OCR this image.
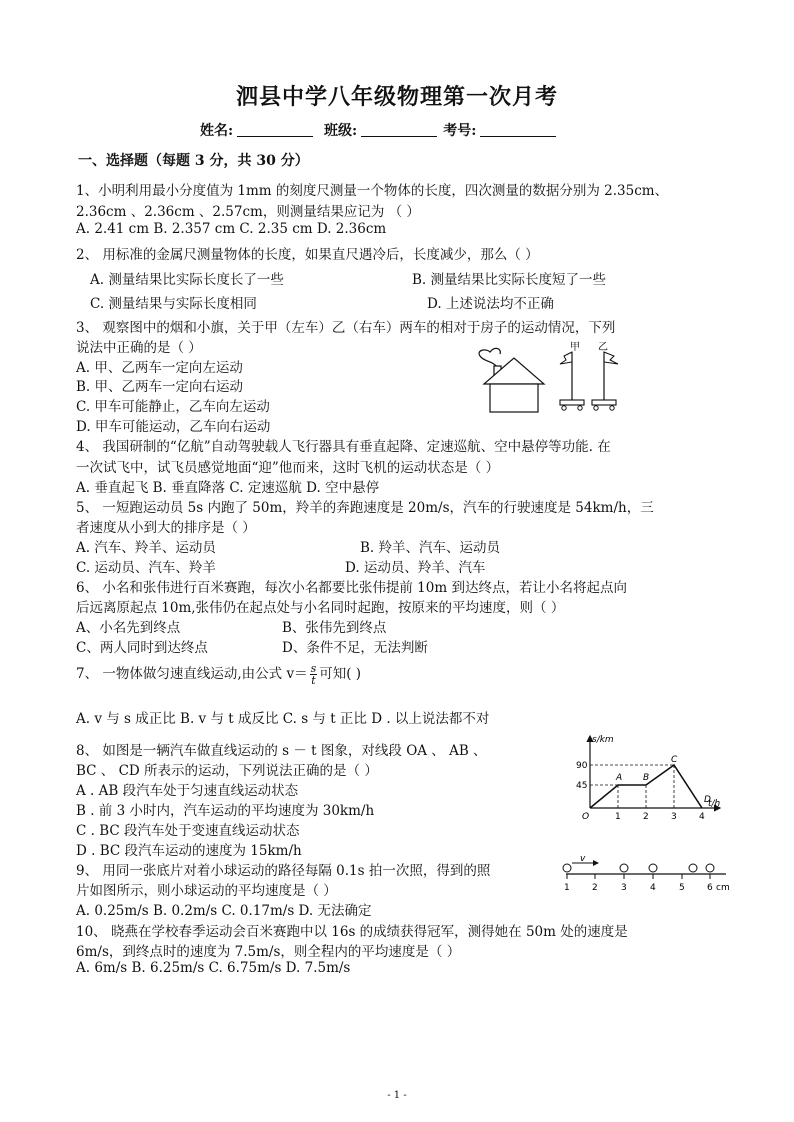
泗县中学八年级物理第一次月考
姓名:	班级:	考号:
一、选择题（每题 3 分，共 30 分）
1、小明利用最小分度值为 1mm 的刻度尺测量一个物体的长度，四次测量的数据分别为 2.35cm、
2.36cm 、2.36cm 、2.57cm，则测量结果应记为 （ ）
A. 2.41 cm B. 2.357 cm C. 2.35 cm D. 2.36cm
2、 用标准的金属尺测量物体的长度，如果直尺遇冷后，长度减少，那么（ ）
A. 测量结果比实际长度长了一些	B. 测量结果比实际长度短了一些
C. 测量结果与实际长度相同	D. 上述说法均不正确
3、 观察图中的烟和小旗，关于甲（左车）乙（右车）两车的相对于房子的运动情况，下列
说法中正确的是（ ）
A. 甲、乙两车一定向左运动
B. 甲、乙两车一定向右运动
C. 甲车可能静止，乙车向左运动
D. 甲车可能运动，乙车向右运动
甲 乙
4、 我国研制的“亿航”自动驾驶载人飞行器具有垂直起降、定速巡航、空中悬停等功能. 在
一次试飞中，试飞员感觉地面“迎”他而来，这时飞机的运动状态是（ ）
A. 垂直起飞 B. 垂直降落 C. 定速巡航 D. 空中悬停
5、 一短跑运动员 5s 内跑了 50m，羚羊的奔跑速度是 20m/s，汽车的行驶速度是 54km/h，三
者速度从小到大的排序是（ ）
A. 汽车、羚羊、运动员	B. 羚羊、汽车、运动员
C. 运动员、汽车、羚羊	D. 运动员、羚羊、汽车
6、 小名和张伟进行百米赛跑，每次小名都要比张伟提前 10m 到达终点，若让小名将起点向
后远离原起点 10m,张伟仍在起点处与小名同时起跑，按原来的平均速度，则（ ）
A、小名先到终点	B、张伟先到终点
C、两人同时到达终点	D、条件不足，无法判断
7、 一物体做匀速直线运动,由公式 $v= \frac{s}{t}$ 可知( )
A. v 与 s 成正比 B. v 与 t 成反比 C. s 与 t 正比 D . 以上说法都不对
8、 如图是一辆汽车做直线运动的 s － t 图象，对线段 OA 、 AB 、
BC 、 CD 所表示的运动，下列说法正确的是（ ）
A . AB 段汽车处于匀速直线运动状态
B . 前 3 小时内，汽车运动的平均速度为 30km/h
C . BC 段汽车处于变速直线运动状态
D . BC 段汽车运动的速度为 15km/h
s/km
t/h
90
45
O	1 2 3 4
A B
C
D
9、 用同一张底片对着小球运动的路径每隔 0.1s 拍一次照，得到的照
片如图所示，则小球运动的平均速度是（ ）
A. 0.25m/s B. 0.2m/s C. 0.17m/s D. 无法确定
v
1 2	3	4	5 6 cm
10、 晓燕在学校春季运动会百米赛跑中以 16s 的成绩获得冠军，测得她在 50m 处的速度是
6m/s，到终点时的速度为 7.5m/s，则全程内的平均速度是（ ）
A. 6m/s B. 6.25m/s C. 6.75m/s D. 7.5m/s
- 1 -
